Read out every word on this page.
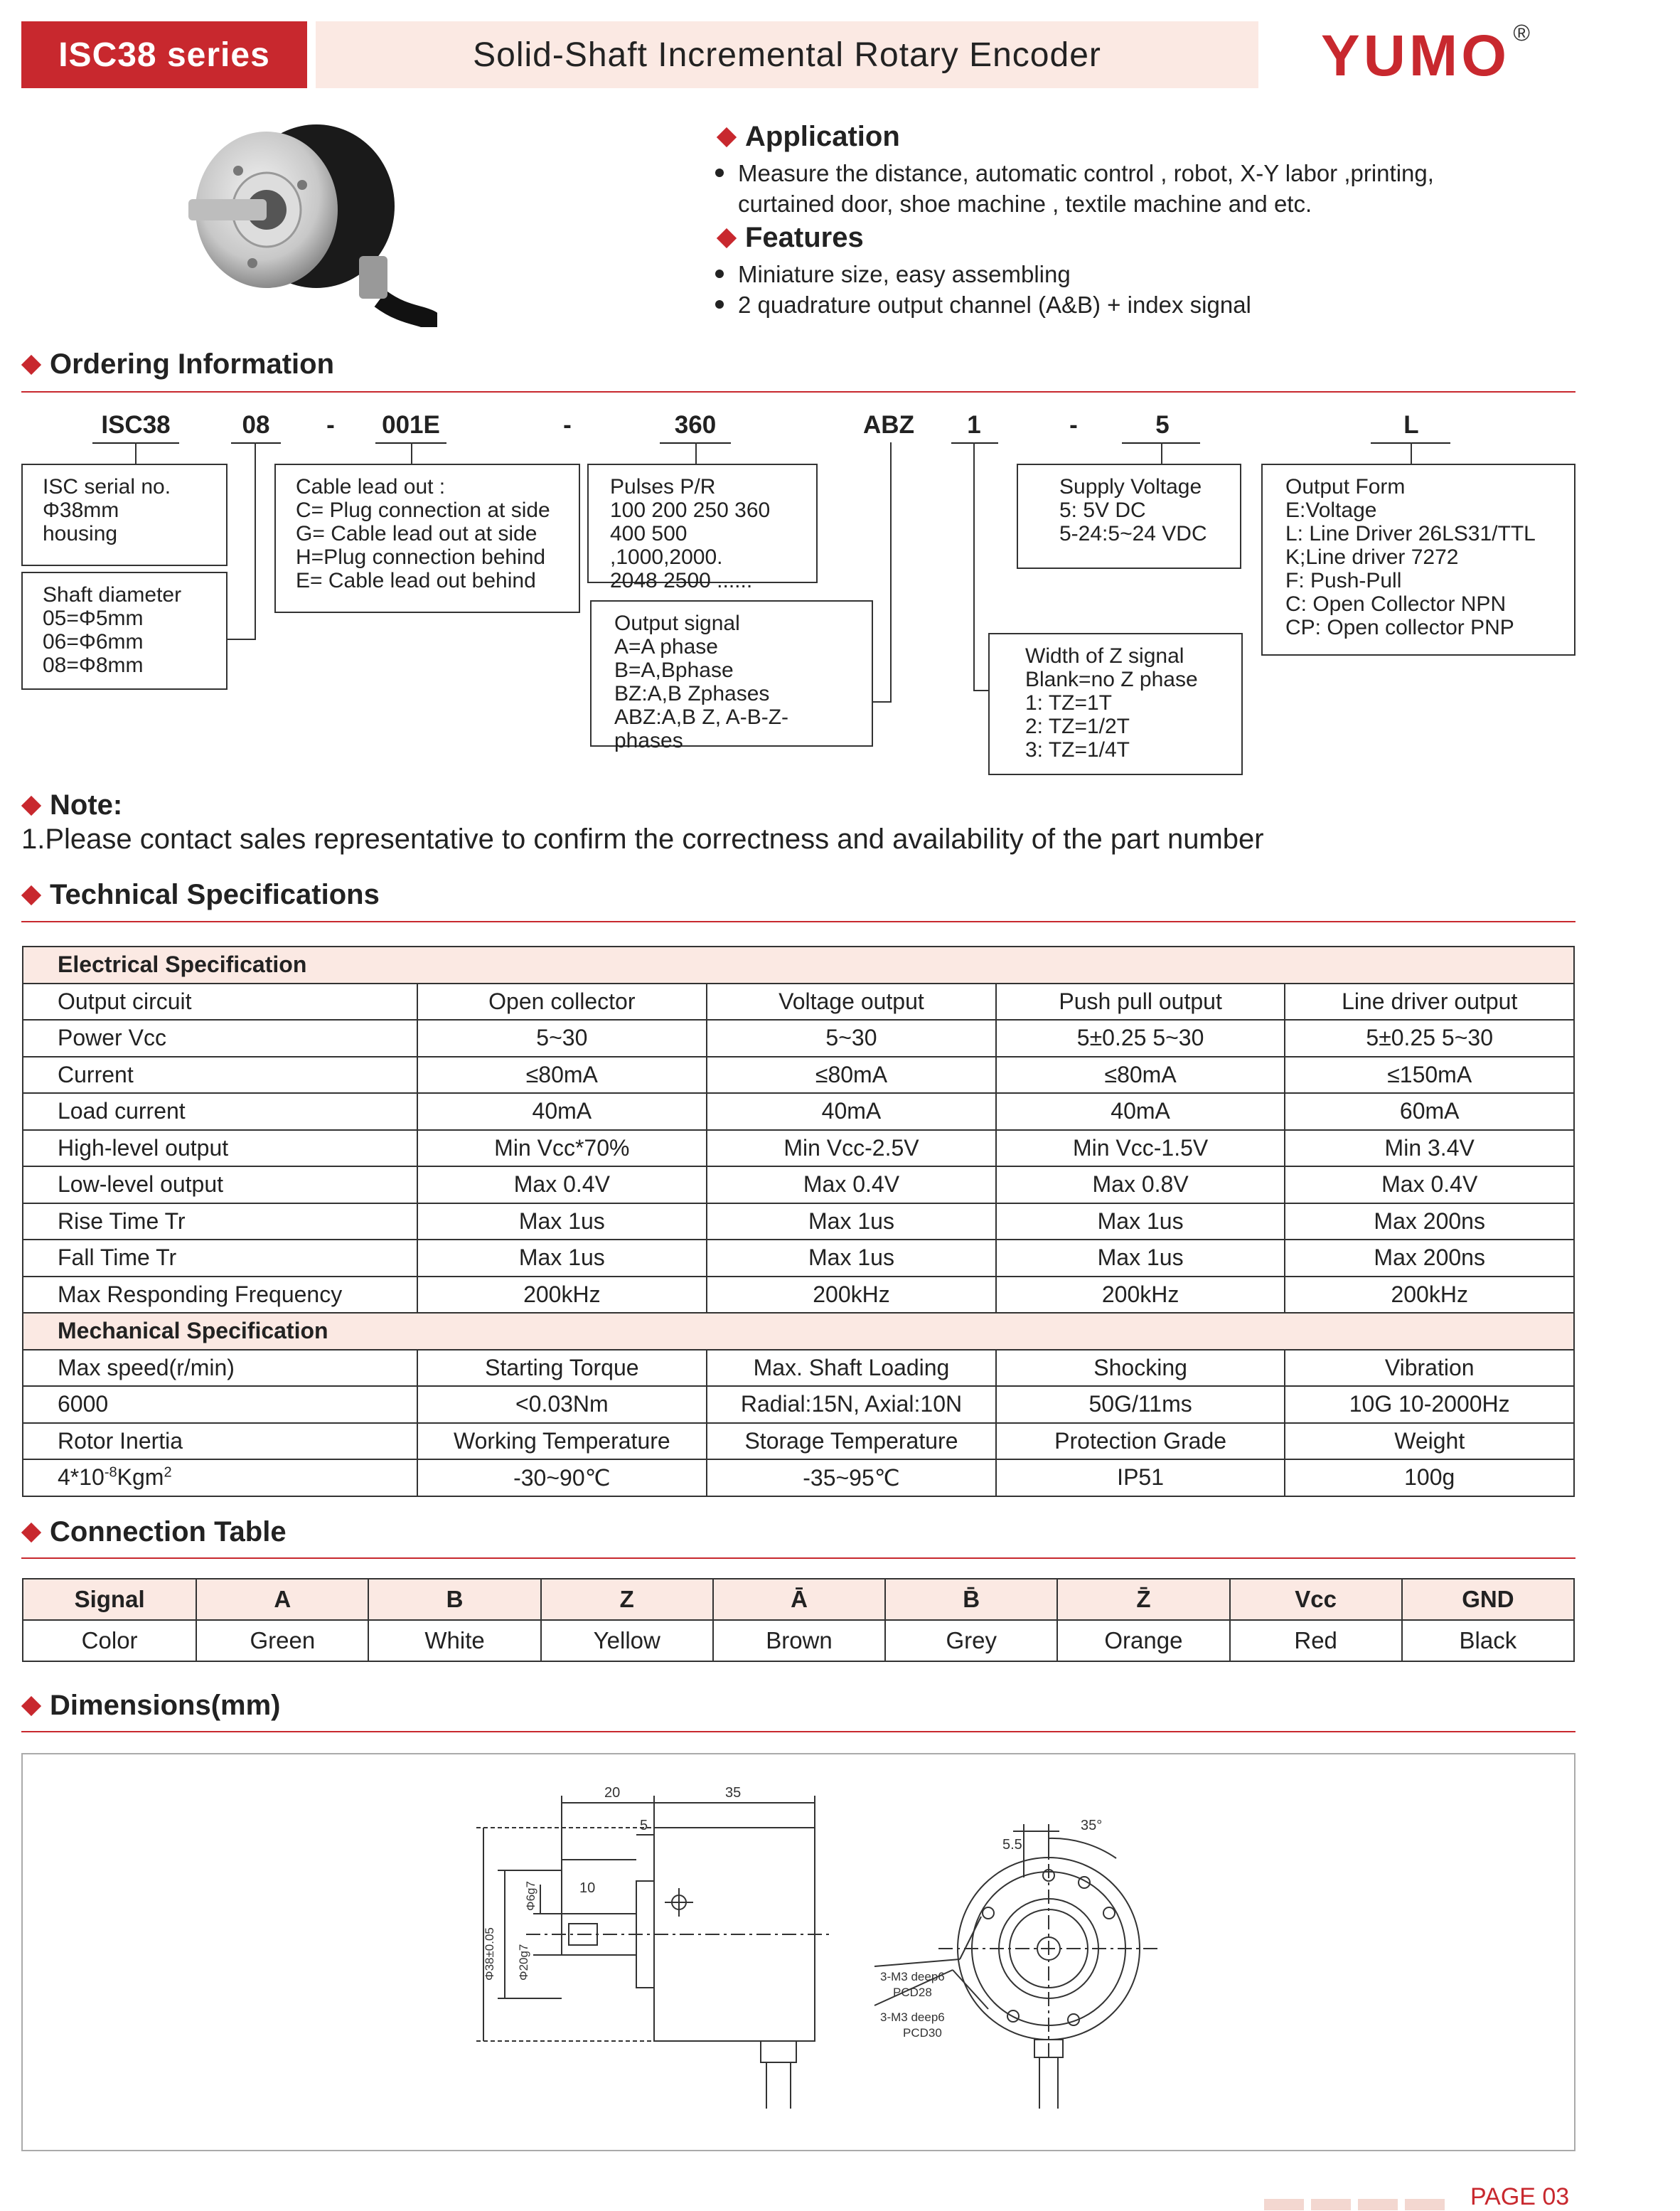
ISC38 series	Solid-Shaft Incremental Rotary Encoder	YUMO ®
Application
Measure the distance, automatic control , robot, X-Y labor ,printing,
curtained door, shoe machine , textile machine and etc.
Features
Miniature size, easy assembling
2 quadrature output channel (A&B) + index signal
Ordering Information
ISC38	08	-	001E	-	360	ABZ	1	-	5	L
ISC serial no.
Φ38mm
housing
Shaft diameter
05=Φ5mm
06=Φ6mm
08=Φ8mm
Cable lead out :
C= Plug connection at side
G= Cable lead out at side
H=Plug connection behind
E= Cable lead out behind
Pulses P/R
100 200 250 360
400 500 ,1000,2000.
2048 2500 ......
Output signal
A=A phase
B=A,Bphase
BZ:A,B Zphases
ABZ:A,B Z, A-B-Z- phases
Supply Voltage
5: 5V DC
5-24:5~24 VDC
Width of Z signal
Blank=no Z phase
1: TZ=1T
2: TZ=1/2T
3: TZ=1/4T
Output Form
E:Voltage
L: Line Driver 26LS31/TTL
K;Line driver 7272
F: Push-Pull
C: Open Collector NPN
CP: Open collector PNP
Note:
1.Please contact sales representative to confirm the correctness and availability of the part number
Technical Specifications
Electrical Specification				
Output circuit	Open collector	Voltage output	Push pull output	Line driver output
Power Vcc	5~30	5~30	5±0.25 5~30	5±0.25 5~30
Current	≤80mA	≤80mA	≤80mA	≤150mA
Load current	40mA	40mA	40mA	60mA
High-level output	Min Vcc*70%	Min Vcc-2.5V	Min Vcc-1.5V	Min 3.4V
Low-level output	Max 0.4V	Max 0.4V	Max 0.8V	Max 0.4V
Rise Time Tr	Max 1us	Max 1us	Max 1us	Max 200ns
Fall Time Tr	Max 1us	Max 1us	Max 1us	Max 200ns
Max Responding Frequency	200kHz	200kHz	200kHz	200kHz
Mechanical Specification				
Max speed(r/min)	Starting Torque	Max. Shaft Loading	Shocking	Vibration
6000	<0.03Nm	Radial:15N, Axial:10N	50G/11ms	10G 10-2000Hz
Rotor Inertia	Working Temperature	Storage Temperature	Protection Grade	Weight
$4*10^{-8}Kgm^2$	-30~90℃	-35~95℃	IP51	100g
Connection Table
Signal	A	B	Z	Ā	B̄	Z̄	Vcc	GND
Color	Green	White	Yellow	Brown	Grey	Orange	Red	Black
Dimensions(mm)
20	35
5
10
5.5
35°
3-M3 deep6
PCD28
3-M3 deep6
PCD30
Φ38±0.05 Φ20g7
Φ6g7
PAGE 03
